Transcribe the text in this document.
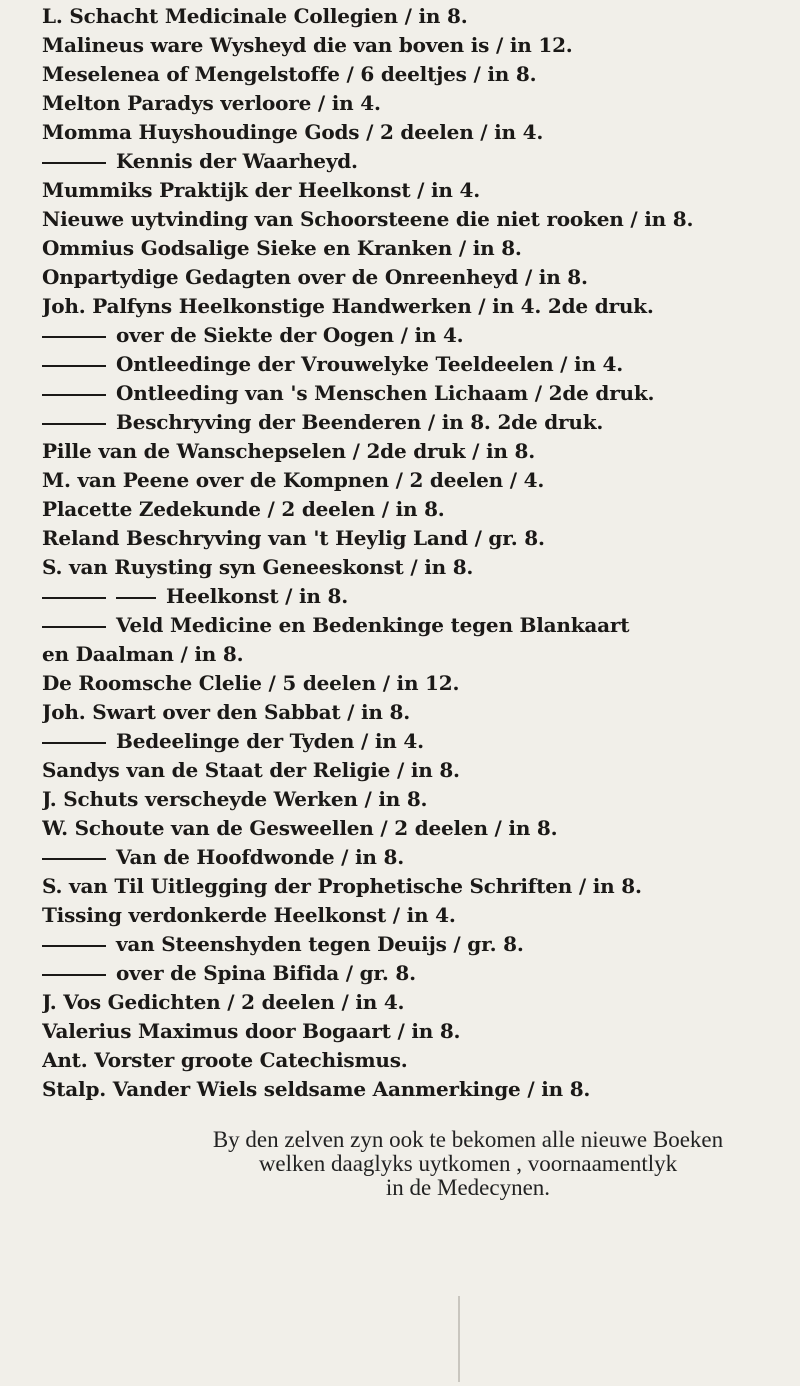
L. Schacht Medicinale Collegien / in 8.
Malineus ware Wysheyd die van boven is / in 12.
Meselenea of Mengelstoffe / 6 deeltjes / in 8.
Melton Paradys verloore / in 4.
Momma Huyshoudinge Gods / 2 deelen / in 4.
Kennis der Waarheyd.
Mummiks Praktijk der Heelkonst / in 4.
Nieuwe uytvinding van Schoorsteene die niet rooken / in 8.
Ommius Godsalige Sieke en Kranken / in 8.
Onpartydige Gedagten over de Onreenheyd / in 8.
Joh. Palfyns Heelkonstige Handwerken / in 4. 2de druk.
over de Siekte der Oogen / in 4.
Ontleedinge der Vrouwelyke Teeldeelen / in 4.
Ontleeding van 's Menschen Lichaam / 2de druk.
Beschryving der Beenderen / in 8. 2de druk.
Pille van de Wanschepselen / 2de druk / in 8.
M. van Peene over de Kompnen / 2 deelen / 4.
Placette Zedekunde / 2 deelen / in 8.
Reland Beschryving van 't Heylig Land / gr. 8.
S. van Ruysting syn Geneeskonst / in 8.
Heelkonst / in 8.
Veld Medicine en Bedenkinge tegen Blankaart
en Daalman / in 8.
De Roomsche Clelie / 5 deelen / in 12.
Joh. Swart over den Sabbat / in 8.
Bedeelinge der Tyden / in 4.
Sandys van de Staat der Religie / in 8.
J. Schuts verscheyde Werken / in 8.
W. Schoute van de Gesweellen / 2 deelen / in 8.
Van de Hoofdwonde / in 8.
S. van Til Uitlegging der Prophetische Schriften / in 8.
Tissing verdonkerde Heelkonst / in 4.
van Steenshyden tegen Deuijs / gr. 8.
over de Spina Bifida / gr. 8.
J. Vos Gedichten / 2 deelen / in 4.
Valerius Maximus door Bogaart / in 8.
Ant. Vorster groote Catechismus.
Stalp. Vander Wiels seldsame Aanmerkinge / in 8.

By den zelven zyn ook te bekomen alle nieuwe Boeken

welken daaglyks uytkomen , voornaamentlyk

in de Medecynen.
